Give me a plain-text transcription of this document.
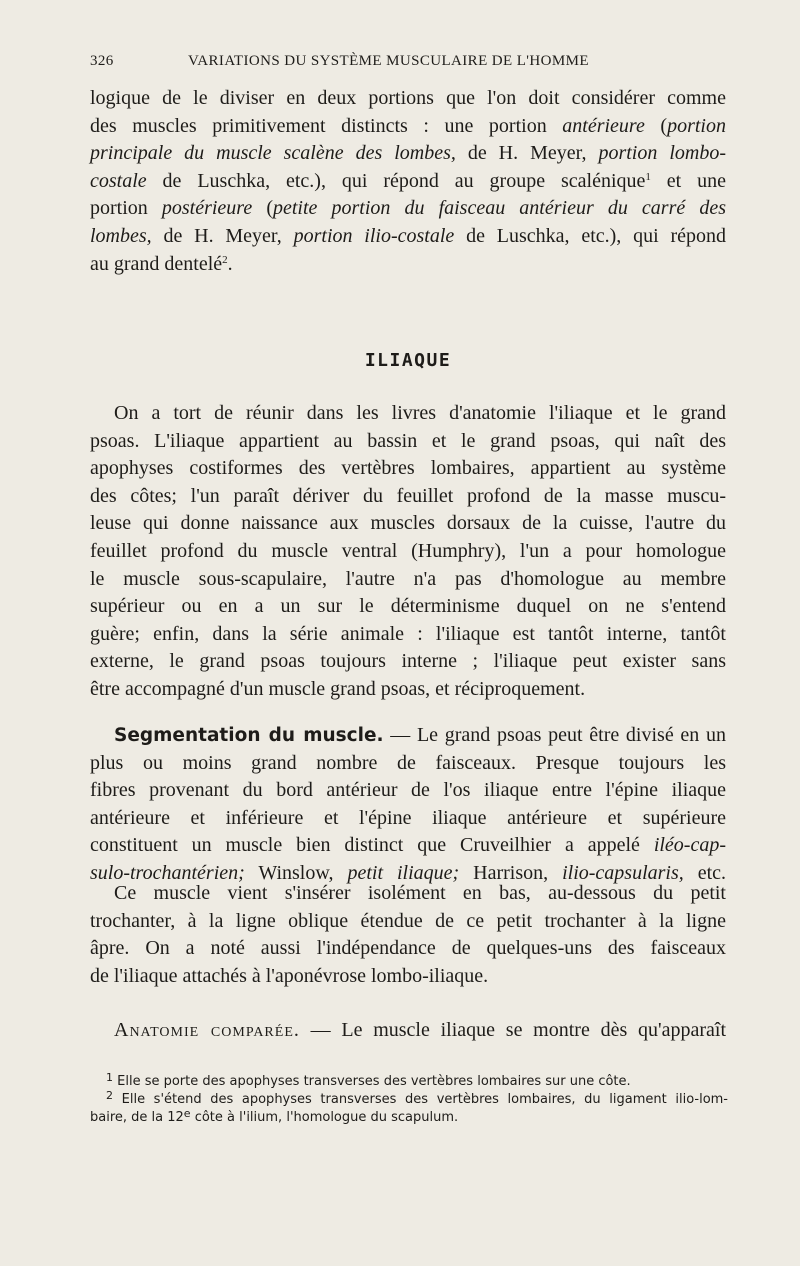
326	VARIATIONS DU SYSTÈME MUSCULAIRE DE L'HOMME
logique de le diviser en deux portions que l'on doit considérer comme
des muscles primitivement distincts : une portion antérieure (portion
principale du muscle scalène des lombes, de H. Meyer, portion lombo-
costale de Luschka, etc.), qui répond au groupe scalénique$^1$ et une
portion postérieure (petite portion du faisceau antérieur du carré des
lombes, de H. Meyer, portion ilio-costale de Luschka, etc.), qui répond
au grand dentelé$^2$.
ILIAQUE
On a tort de réunir dans les livres d'anatomie l'iliaque et le grand
psoas. L'iliaque appartient au bassin et le grand psoas, qui naît des
apophyses costiformes des vertèbres lombaires, appartient au système
des côtes; l'un paraît dériver du feuillet profond de la masse muscu-
leuse qui donne naissance aux muscles dorsaux de la cuisse, l'autre du
feuillet profond du muscle ventral (Humphry), l'un a pour homologue
le muscle sous-scapulaire, l'autre n'a pas d'homologue au membre
supérieur ou en a un sur le déterminisme duquel on ne s'entend
guère; enfin, dans la série animale : l'iliaque est tantôt interne, tantôt
externe, le grand psoas toujours interne ; l'iliaque peut exister sans
être accompagné d'un muscle grand psoas, et réciproquement.
Segmentation du muscle. — Le grand psoas peut être divisé en un
plus ou moins grand nombre de faisceaux. Presque toujours les
fibres provenant du bord antérieur de l'os iliaque entre l'épine iliaque
antérieure et inférieure et l'épine iliaque antérieure et supérieure
constituent un muscle bien distinct que Cruveilhier a appelé iléo-cap-
sulo-trochantérien; Winslow, petit iliaque; Harrison, ilio-capsularis, etc.
Ce muscle vient s'insérer isolément en bas, au-dessous du petit
trochanter, à la ligne oblique étendue de ce petit trochanter à la ligne
âpre. On a noté aussi l'indépendance de quelques-uns des faisceaux
de l'iliaque attachés à l'aponévrose lombo-iliaque.
Anatomie comparée. — Le muscle iliaque se montre dès qu'apparaît
$^1$ Elle se porte des apophyses transverses des vertèbres lombaires sur une côte.
$^2$ Elle s'étend des apophyses transverses des vertèbres lombaires, du ligament ilio-lom-
baire, de la 12e côte à l'ilium, l'homologue du scapulum.
